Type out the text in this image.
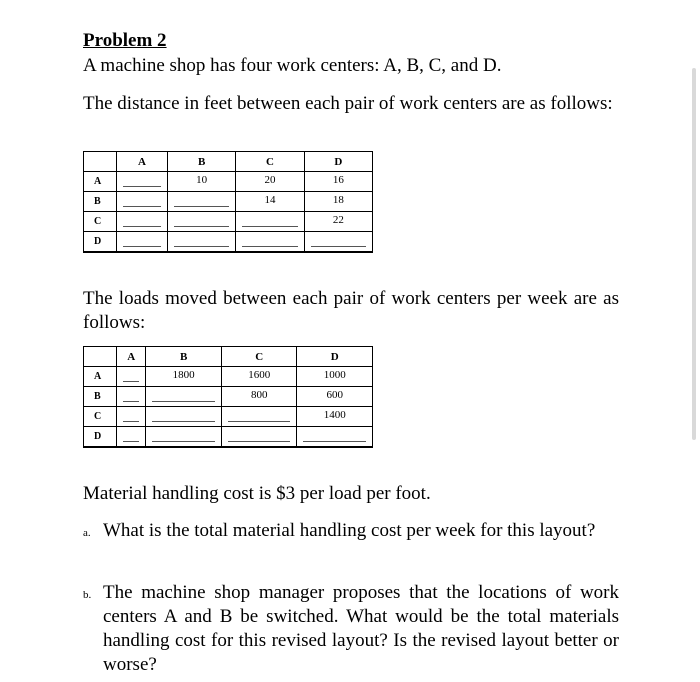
Problem 2
A machine shop has four work centers: A, B, C, and D.
The distance in feet between each pair of work centers are as follows:
	A	B	C	D
A		10	20	16
B			14	18
C				22
D	

The loads moved between each pair of work centers per week are as follows:
	A	B	C	D
A		1800	1600	1000
B			800	600
C				1400
D	

Material handling cost is $3 per load per foot.
a. What is the total material handling cost per week for this layout?
b. The machine shop manager proposes that the locations of work centers A and B be switched. What would be the total materials handling cost for this revised layout? Is the revised layout better or worse?
